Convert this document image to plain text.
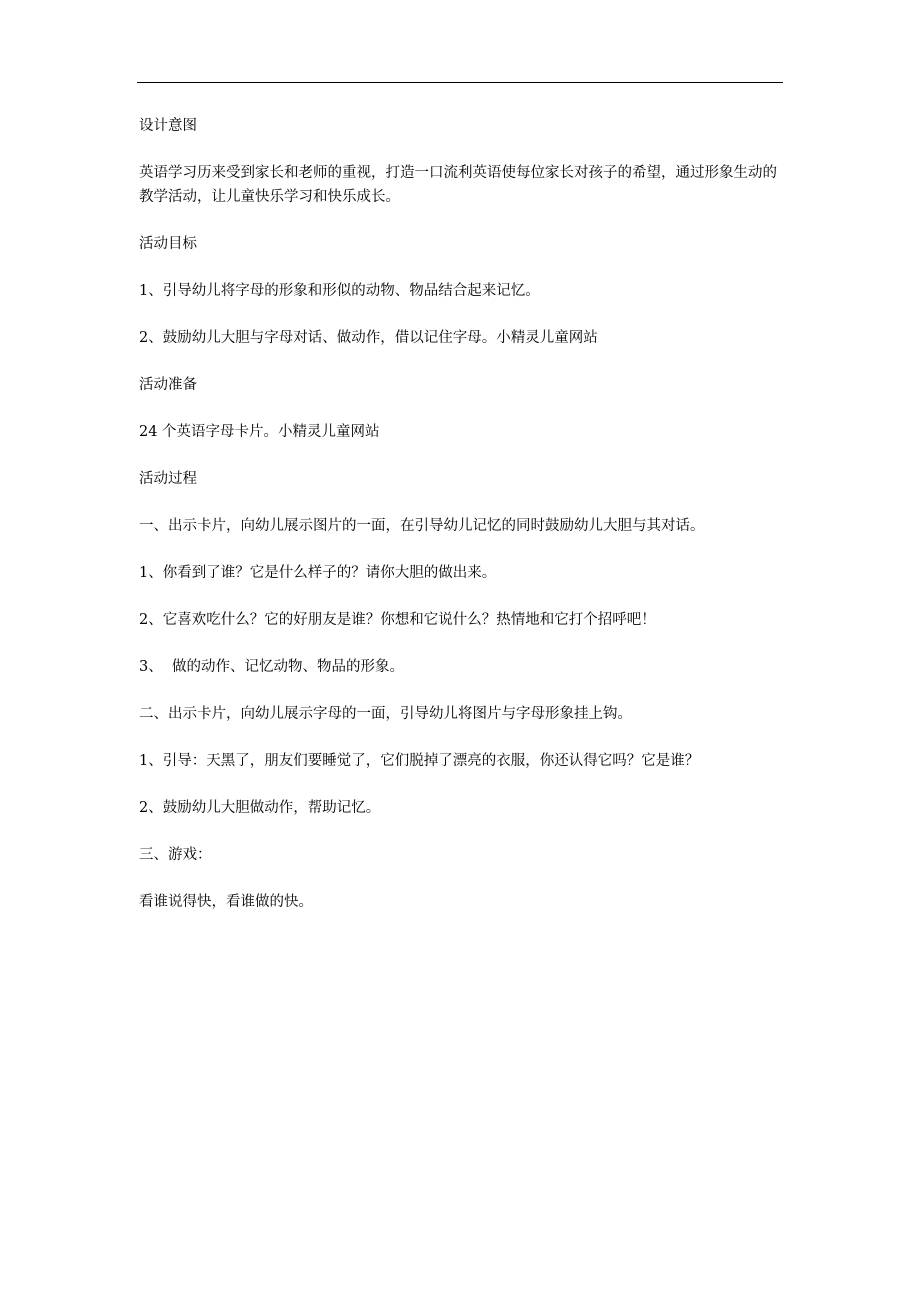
设计意图

英语学习历来受到家长和老师的重视，打造一口流利英语使每位家长对孩子的希望，通过形象生动的教学活动，让儿童快乐学习和快乐成长。

活动目标

1、引导幼儿将字母的形象和形似的动物、物品结合起来记忆。

2、鼓励幼儿大胆与字母对话、做动作，借以记住字母。小精灵儿童网站

活动准备

24 个英语字母卡片。小精灵儿童网站

活动过程

一、出示卡片，向幼儿展示图片的一面，在引导幼儿记忆的同时鼓励幼儿大胆与其对话。

1、你看到了谁？它是什么样子的？请你大胆的做出来。

2、它喜欢吃什么？它的好朋友是谁？你想和它说什么？热情地和它打个招呼吧！

3、  做的动作、记忆动物、物品的形象。

二、出示卡片，向幼儿展示字母的一面，引导幼儿将图片与字母形象挂上钩。

1、引导：天黑了，朋友们要睡觉了，它们脱掉了漂亮的衣服，你还认得它吗？它是谁？

2、鼓励幼儿大胆做动作，帮助记忆。

三、游戏：

看谁说得快，看谁做的快。
